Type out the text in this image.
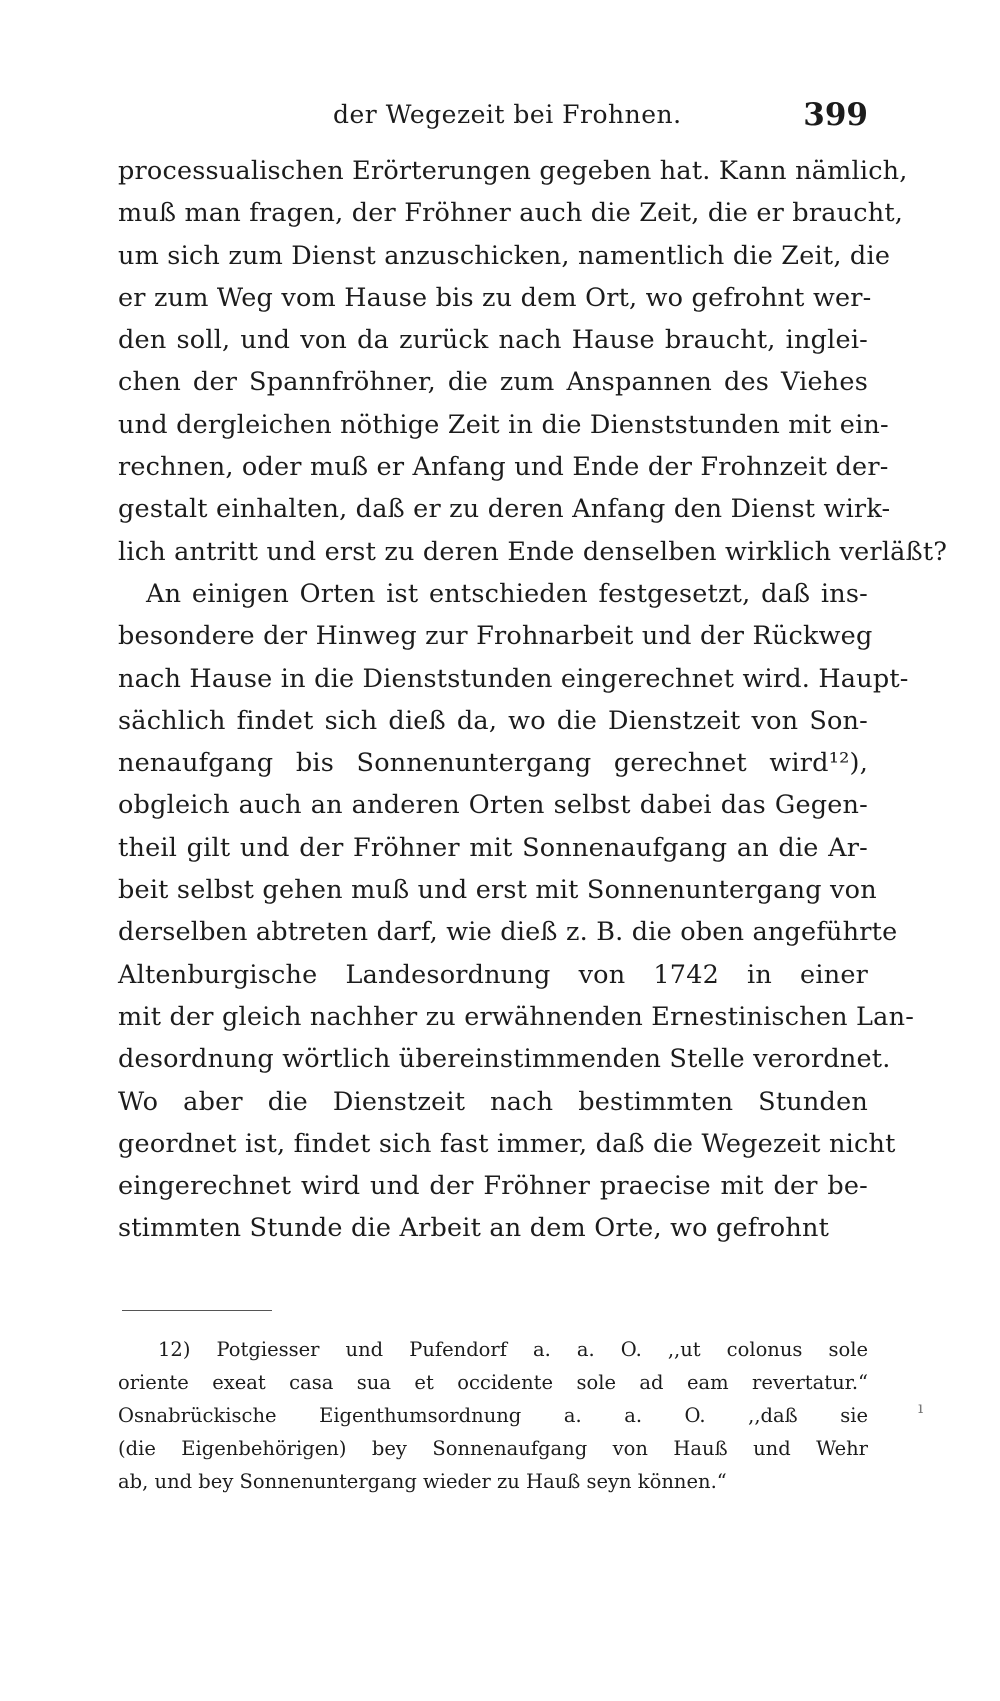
der Wegezeit bei Frohnen.	399
processualischen Erörterungen gegeben hat. Kann nämlich,
muß man fragen, der Fröhner auch die Zeit, die er braucht,
um sich zum Dienst anzuschicken, namentlich die Zeit, die
er zum Weg vom Hause bis zu dem Ort, wo gefrohnt wer-
den soll, und von da zurück nach Hause braucht, inglei-
chen der Spannfröhner, die zum Anspannen des Viehes
und dergleichen nöthige Zeit in die Dienststunden mit ein-
rechnen, oder muß er Anfang und Ende der Frohnzeit der-
gestalt einhalten, daß er zu deren Anfang den Dienst wirk-
lich antritt und erst zu deren Ende denselben wirklich verläßt?
An einigen Orten ist entschieden festgesetzt, daß ins-
besondere der Hinweg zur Frohnarbeit und der Rückweg
nach Hause in die Dienststunden eingerechnet wird. Haupt-
sächlich findet sich dieß da, wo die Dienstzeit von Son-
nenaufgang bis Sonnenuntergang gerechnet wird¹²),
obgleich auch an anderen Orten selbst dabei das Gegen-
theil gilt und der Fröhner mit Sonnenaufgang an die Ar-
beit selbst gehen muß und erst mit Sonnenuntergang von
derselben abtreten darf, wie dieß z. B. die oben angeführte
Altenburgische Landesordnung von 1742 in einer
mit der gleich nachher zu erwähnenden Ernestinischen Lan-
desordnung wörtlich übereinstimmenden Stelle verordnet.
Wo aber die Dienstzeit nach bestimmten Stunden
geordnet ist, findet sich fast immer, daß die Wegezeit nicht
eingerechnet wird und der Fröhner praecise mit der be-
stimmten Stunde die Arbeit an dem Orte, wo gefrohnt
12) Potgiesser und Pufendorf a. a. O. ,,ut colonus sole
oriente exeat casa sua et occidente sole ad eam revertatur.“
Osnabrückische Eigenthumsordnung a. a. O. ,,daß sie
(die Eigenbehörigen) bey Sonnenaufgang von Hauß und Wehr
ab, und bey Sonnenuntergang wieder zu Hauß seyn können.“
ı
